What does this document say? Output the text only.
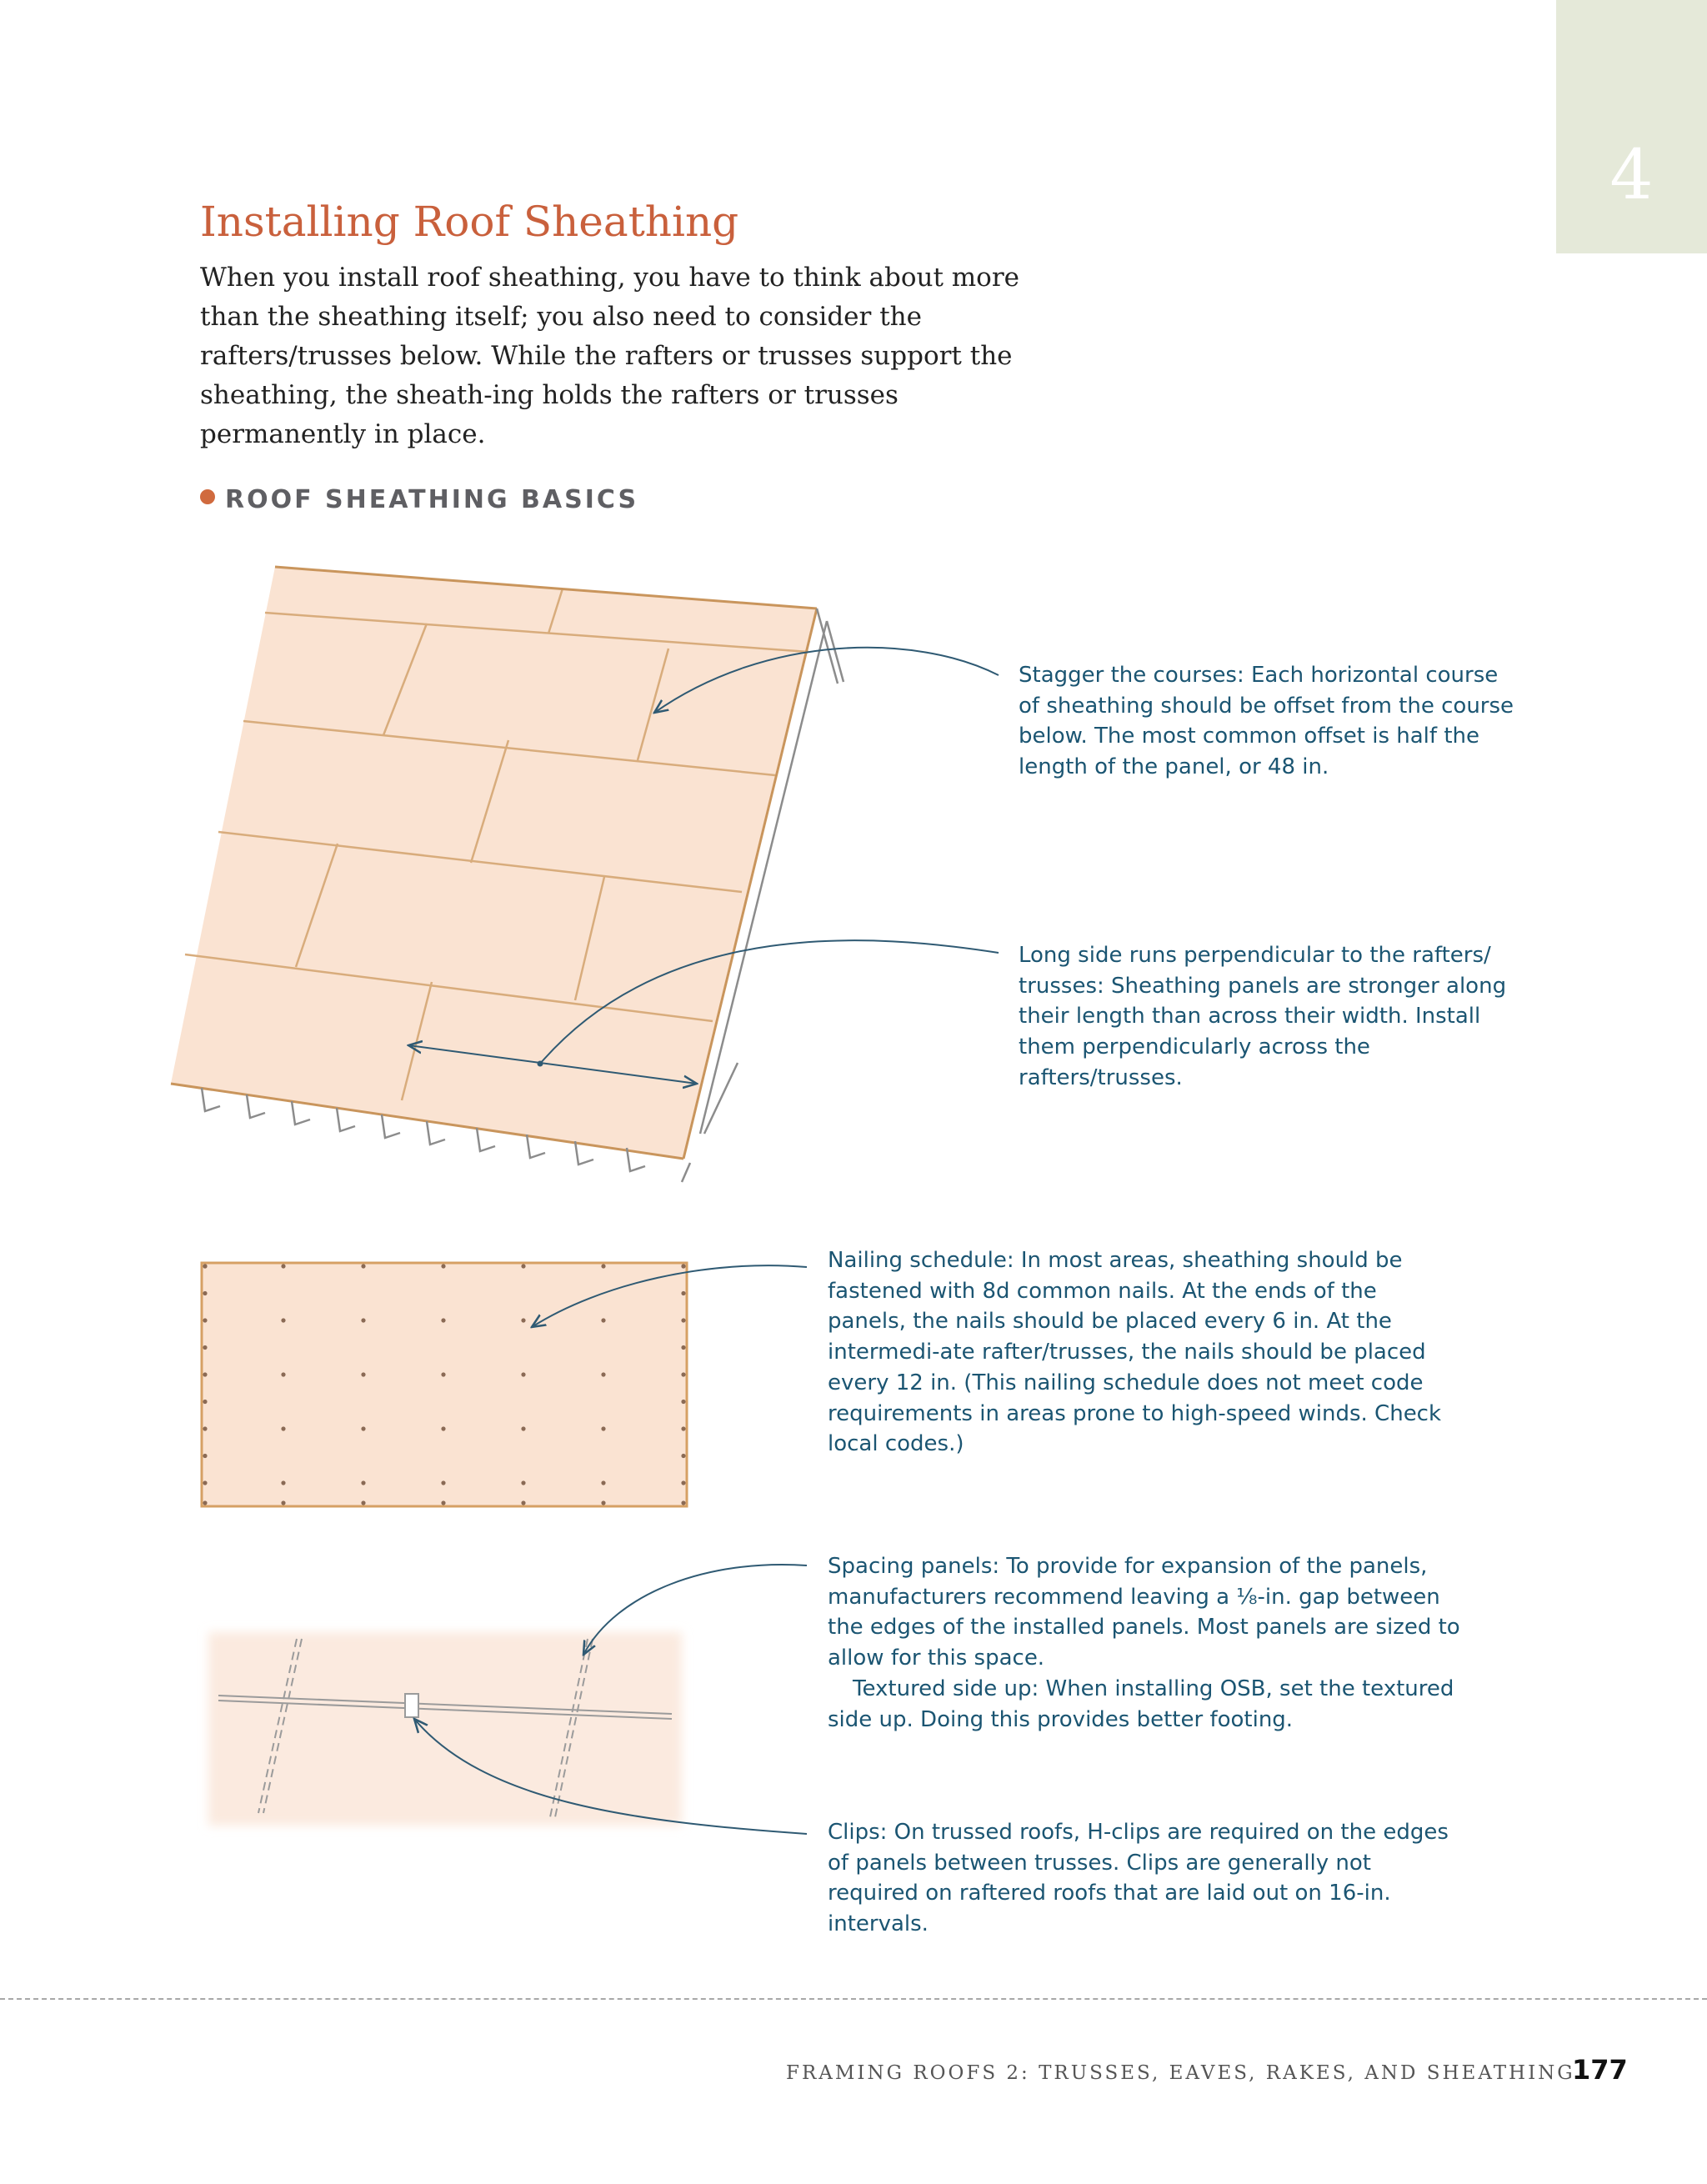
4
Installing Roof Sheathing

When you install roof sheathing, you have to think about more than the sheathing itself; you also need to consider the rafters/trusses below. While the rafters or trusses support the sheathing, the sheath-ing holds the rafters or trusses permanently in place.

ROOF SHEATHING BASICS

Stagger the courses: Each horizontal course of sheathing should be offset from the course below. The most common offset is half the length of the panel, or 48 in.

Long side runs perpendicular to the rafters/ trusses: Sheathing panels are stronger along their length than across their width. Install them perpendicularly across the rafters/trusses.

Nailing schedule: In most areas, sheathing should be fastened with 8d common nails. At the ends of the panels, the nails should be placed every 6 in. At the intermedi-ate rafter/trusses, the nails should be placed every 12 in. (This nailing schedule does not meet code requirements in areas prone to high-speed winds. Check local codes.)

Spacing panels: To provide for expansion of the panels, manufacturers recommend leaving a ⅛-in. gap between the edges of the installed panels. Most panels are sized to allow for this space.
Textured side up: When installing OSB, set the textured side up. Doing this provides better footing.

Clips: On trussed roofs, H-clips are required on the edges of panels between trusses. Clips are generally not required on raftered roofs that are laid out on 16-in. intervals.

FRAMING ROOFS 2: TRUSSES, EAVES, RAKES, AND SHEATHING
177
